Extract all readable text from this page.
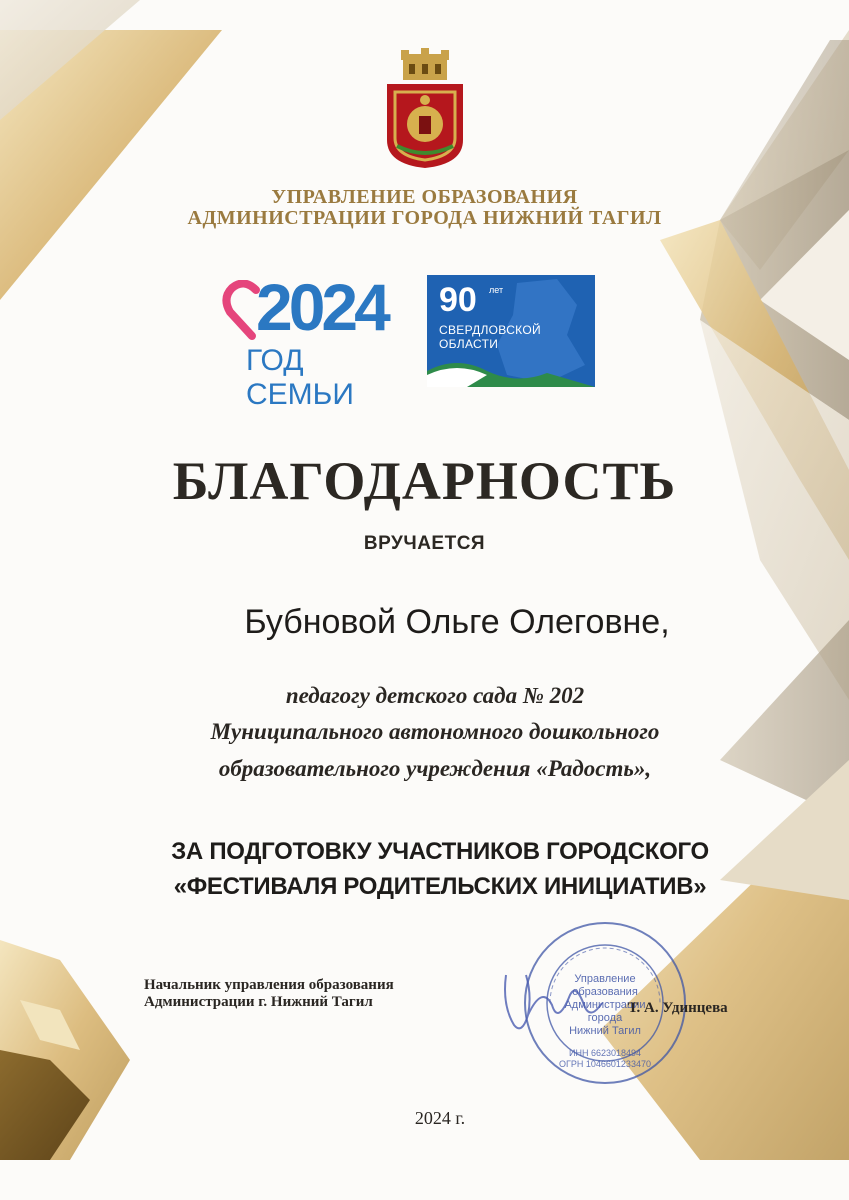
УПРАВЛЕНИЕ ОБРАЗОВАНИЯ
АДМИНИСТРАЦИИ ГОРОДА НИЖНИЙ ТАГИЛ
2024
ГОД СЕМЬИ
90 лет
СВЕРДЛОВСКОЙ
ОБЛАСТИ
БЛАГОДАРНОСТЬ
ВРУЧАЕТСЯ
Бубновой Ольге Олеговне,
педагогу детского сада № 202
Муниципального автономного дошкольного
образовательного учреждения «Радость»,
ЗА ПОДГОТОВКУ УЧАСТНИКОВ ГОРОДСКОГО
«ФЕСТИВАЛЯ РОДИТЕЛЬСКИХ ИНИЦИАТИВ»
Начальник управления образования
Администрации г. Нижний Тагил
Управление
образования
Администрации
города
Нижний Тагил
ИНН 6623018494
ОГРН 1046601233470
Т. А. Удинцева
2024 г.
